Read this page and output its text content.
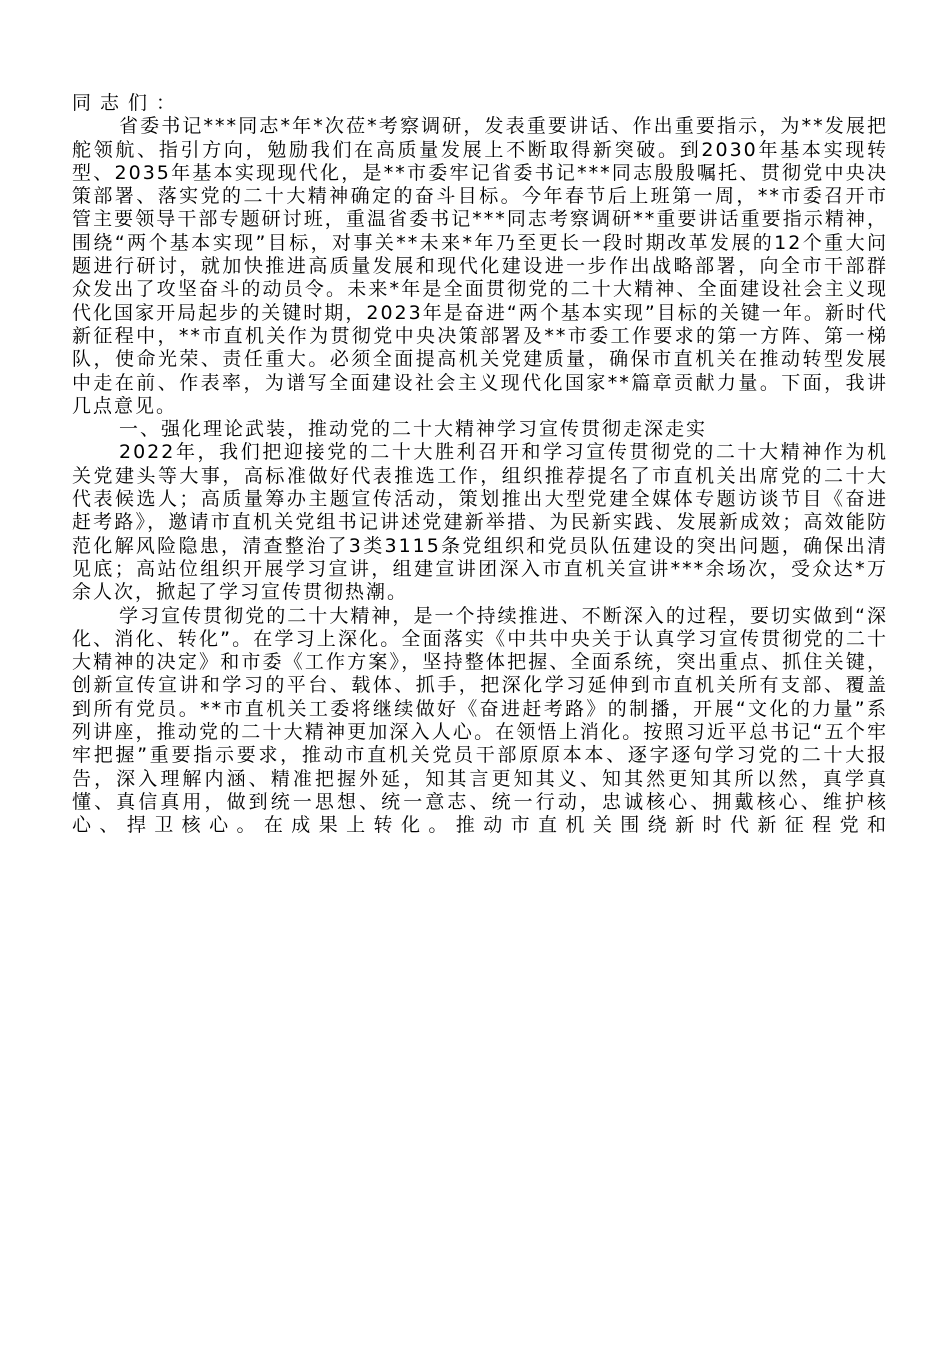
同志们：

省委书记***同志*年*次莅*考察调研，发表重要讲话、作出重要指示，为**发展把舵领航、指引方向，勉励我们在高质量发展上不断取得新突破。到2030年基本实现转型、2035年基本实现现代化，是**市委牢记省委书记***同志殷殷嘱托、贯彻党中央决策部署、落实党的二十大精神确定的奋斗目标。今年春节后上班第一周，**市委召开市管主要领导干部专题研讨班，重温省委书记***同志考察调研**重要讲话重要指示精神，围绕“两个基本实现”目标，对事关**未来*年乃至更长一段时期改革发展的12个重大问题进行研讨，就加快推进高质量发展和现代化建设进一步作出战略部署，向全市干部群众发出了攻坚奋斗的动员令。未来*年是全面贯彻党的二十大精神、全面建设社会主义现代化国家开局起步的关键时期，2023年是奋进“两个基本实现”目标的关键一年。新时代新征程中，**市直机关作为贯彻党中央决策部署及**市委工作要求的第一方阵、第一梯队，使命光荣、责任重大。必须全面提高机关党建质量，确保市直机关在推动转型发展中走在前、作表率，为谱写全面建设社会主义现代化国家**篇章贡献力量。下面，我讲几点意见。

一、强化理论武装，推动党的二十大精神学习宣传贯彻走深走实

2022年，我们把迎接党的二十大胜利召开和学习宣传贯彻党的二十大精神作为机关党建头等大事，高标准做好代表推选工作，组织推荐提名了市直机关出席党的二十大代表候选人；高质量筹办主题宣传活动，策划推出大型党建全媒体专题访谈节目《奋进赶考路》，邀请市直机关党组书记讲述党建新举措、为民新实践、发展新成效；高效能防范化解风险隐患，清查整治了3类3115条党组织和党员队伍建设的突出问题，确保出清见底；高站位组织开展学习宣讲，组建宣讲团深入市直机关宣讲***余场次，受众达*万余人次，掀起了学习宣传贯彻热潮。

学习宣传贯彻党的二十大精神，是一个持续推进、不断深入的过程，要切实做到“深化、消化、转化”。在学习上深化。全面落实《中共中央关于认真学习宣传贯彻党的二十大精神的决定》和市委《工作方案》，坚持整体把握、全面系统，突出重点、抓住关键，创新宣传宣讲和学习的平台、载体、抓手，把深化学习延伸到市直机关所有支部、覆盖到所有党员。**市直机关工委将继续做好《奋进赶考路》的制播，开展“文化的力量”系列讲座，推动党的二十大精神更加深入人心。在领悟上消化。按照习近平总书记“五个牢牢把握”重要指示要求，推动市直机关党员干部原原本本、逐字逐句学习党的二十大报告，深入理解内涵、精准把握外延，知其言更知其义、知其然更知其所以然，真学真懂、真信真用，做到统一思想、统一意志、统一行动，忠诚核心、拥戴核心、维护核心、捍卫核心。在成果上转化。推动市直机关围绕新时代新征程党和
